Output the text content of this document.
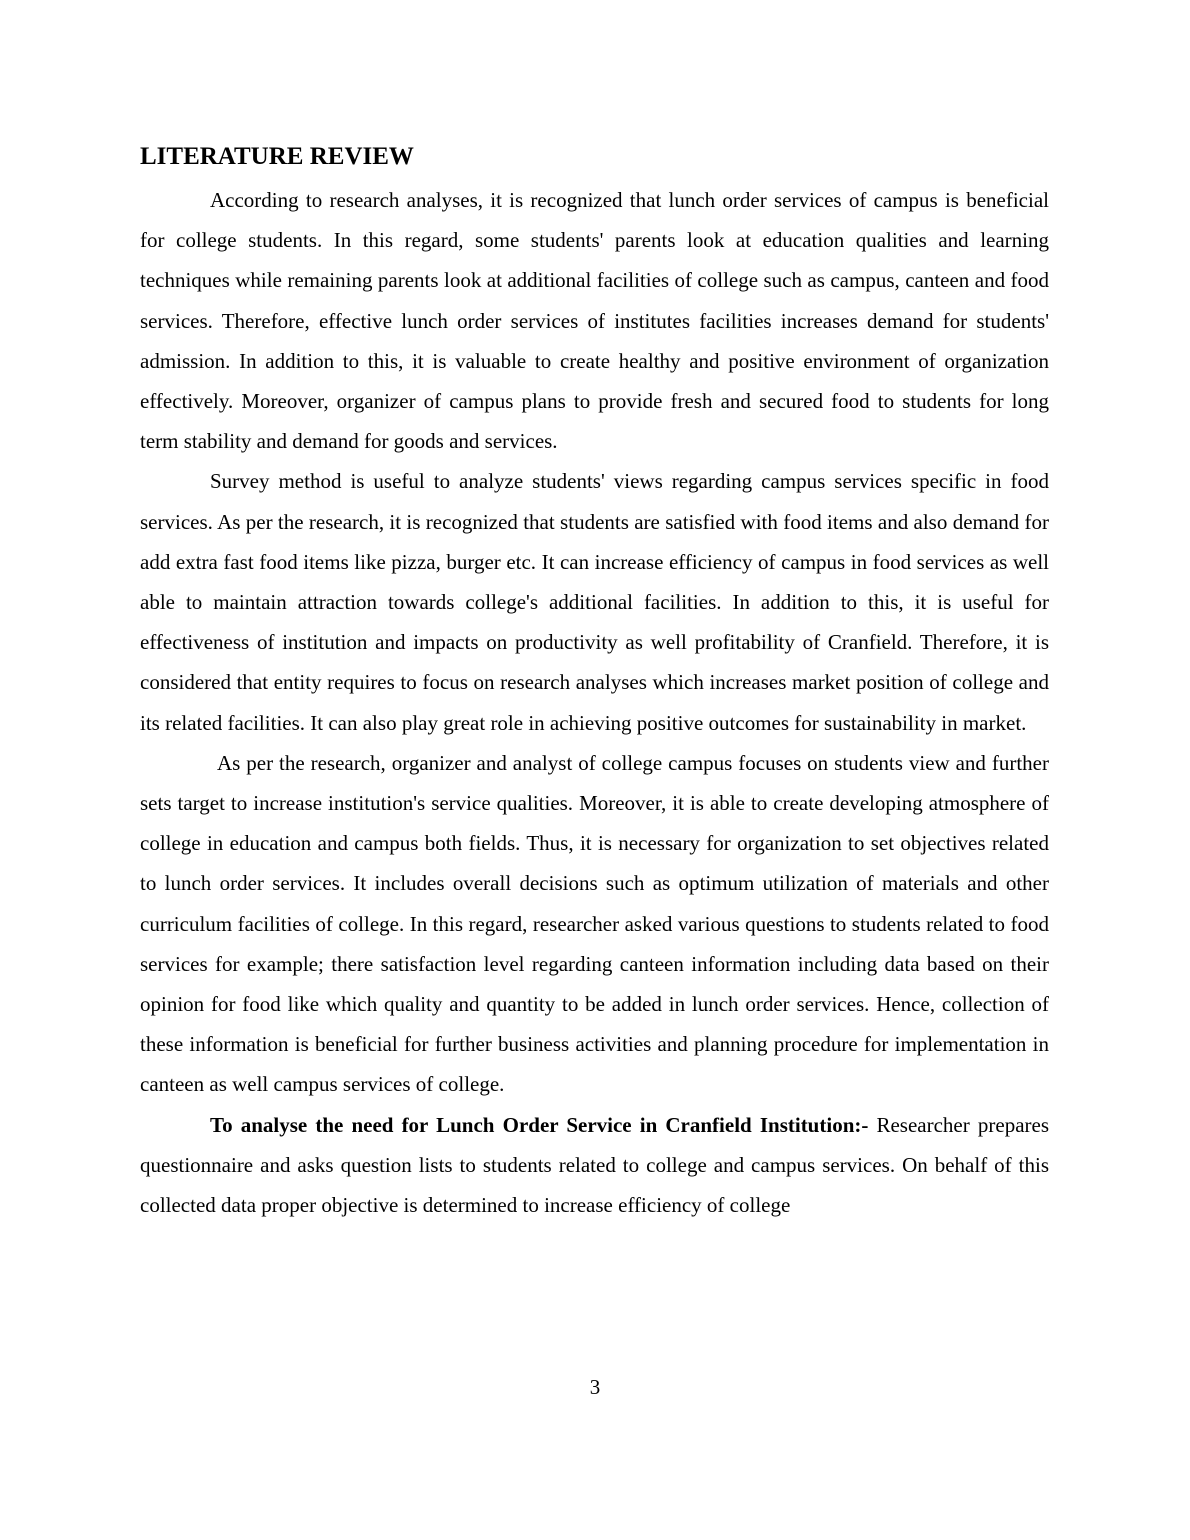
LITERATURE REVIEW

According to research analyses, it is recognized that lunch order services of campus is beneficial for college students. In this regard, some students' parents look at education qualities and learning techniques while remaining parents look at additional facilities of college such as campus, canteen and food services. Therefore, effective lunch order services of institutes facilities increases demand for students' admission. In addition to this, it is valuable to create healthy and positive environment of organization effectively. Moreover, organizer of campus plans to provide fresh and secured food to students for long term stability and demand for goods and services.

Survey method is useful to analyze students' views regarding campus services specific in food services. As per the research, it is recognized that students are satisfied with food items and also demand for add extra fast food items like pizza, burger etc. It can increase efficiency of campus in food services as well able to maintain attraction towards college's additional facilities. In addition to this, it is useful for effectiveness of institution and impacts on productivity as well profitability of Cranfield. Therefore, it is considered that entity requires to focus on research analyses which increases market position of college and its related facilities. It can also play great role in achieving positive outcomes for sustainability in market.

As per the research, organizer and analyst of college campus focuses on students view and further sets target to increase institution's service qualities. Moreover, it is able to create developing atmosphere of college in education and campus both fields. Thus, it is necessary for organization to set objectives related to lunch order services. It includes overall decisions such as optimum utilization of materials and other curriculum facilities of college. In this regard, researcher asked various questions to students related to food services for example; there satisfaction level regarding canteen information including data based on their opinion for food like which quality and quantity to be added in lunch order services. Hence, collection of these information is beneficial for further business activities and planning procedure for implementation in canteen as well campus services of college.

To analyse the need for Lunch Order Service in Cranfield Institution:- Researcher prepares questionnaire and asks question lists to students related to college and campus services. On behalf of this collected data proper objective is determined to increase efficiency of college

3
